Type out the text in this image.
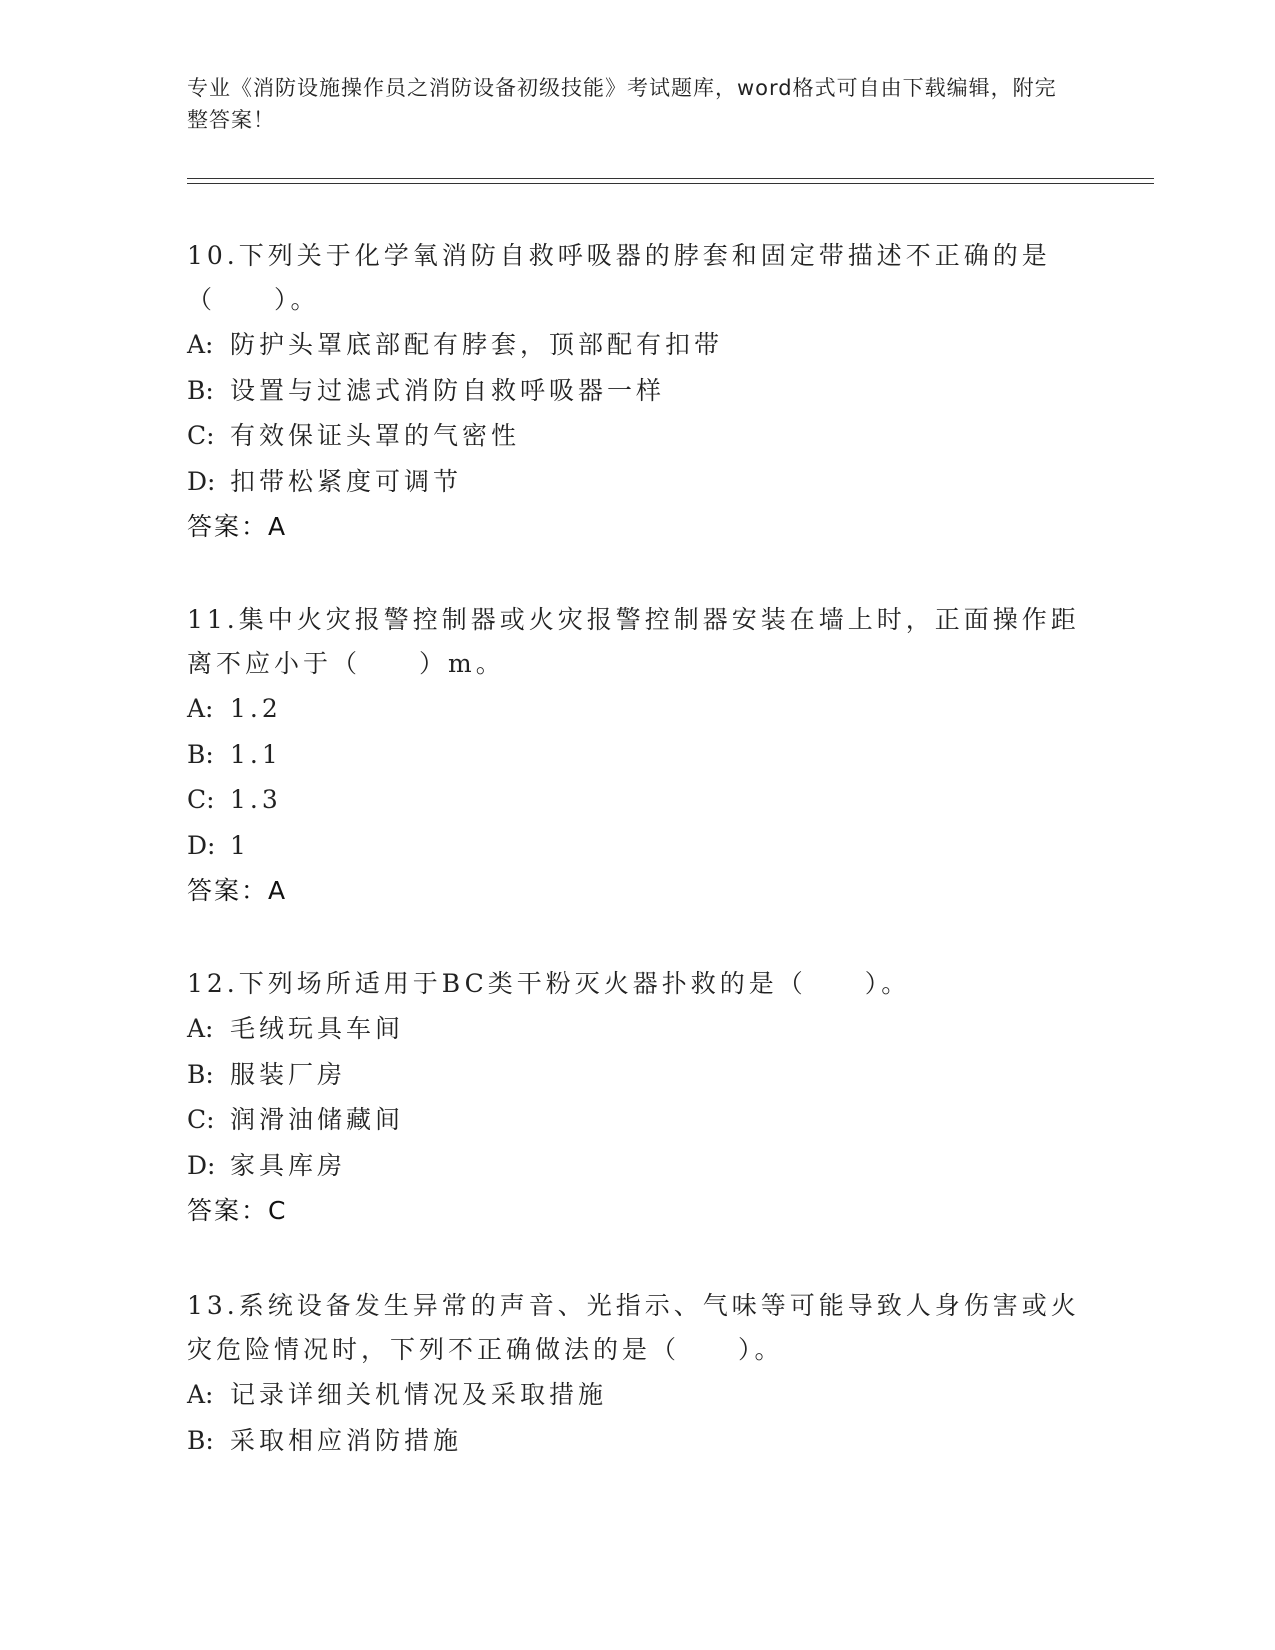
专业《消防设施操作员之消防设备初级技能》考试题库，word格式可自由下载编辑，附完整答案！

10.下列关于化学氧消防自救呼吸器的脖套和固定带描述不正确的是（　　）。

A: 防护头罩底部配有脖套，顶部配有扣带

B: 设置与过滤式消防自救呼吸器一样

C: 有效保证头罩的气密性

D: 扣带松紧度可调节

答案：A

11.集中火灾报警控制器或火灾报警控制器安装在墙上时，正面操作距离不应小于（　　）m。

A: 1.2

B: 1.1

C: 1.3

D: 1

答案：A

12.下列场所适用于BC类干粉灭火器扑救的是（　　）。

A: 毛绒玩具车间

B: 服装厂房

C: 润滑油储藏间

D: 家具库房

答案：C

13.系统设备发生异常的声音、光指示、气味等可能导致人身伤害或火灾危险情况时，下列不正确做法的是（　　）。

A: 记录详细关机情况及采取措施

B: 采取相应消防措施
